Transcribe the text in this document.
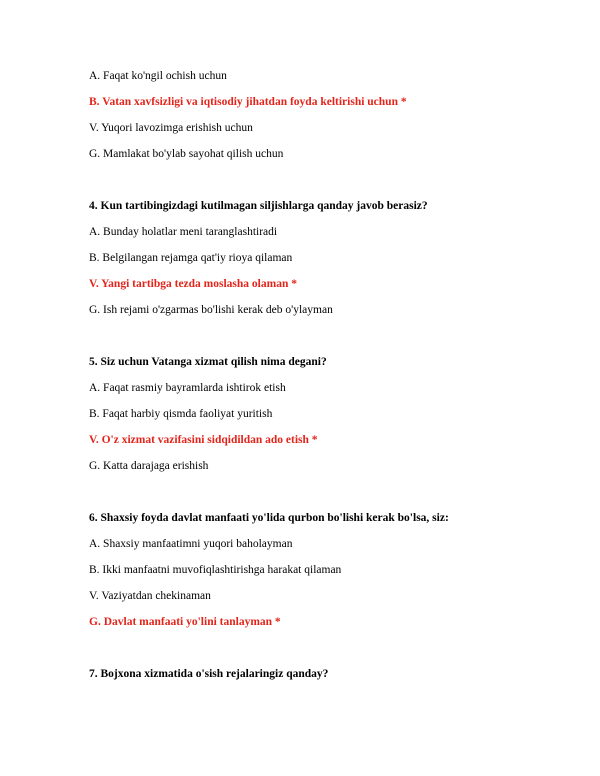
A. Faqat ko'ngil ochish uchun
B. Vatan xavfsizligi va iqtisodiy jihatdan foyda keltirishi uchun *
V. Yuqori lavozimga erishish uchun
G. Mamlakat bo'ylab sayohat qilish uchun
4. Kun tartibingizdagi kutilmagan siljishlarga qanday javob berasiz?
A. Bunday holatlar meni taranglashtiradi
B. Belgilangan rejamga qat'iy rioya qilaman
V. Yangi tartibga tezda moslasha olaman *
G. Ish rejami o'zgarmas bo'lishi kerak deb o'ylayman
5. Siz uchun Vatanga xizmat qilish nima degani?
A. Faqat rasmiy bayramlarda ishtirok etish
B. Faqat harbiy qismda faoliyat yuritish
V. O'z xizmat vazifasini sidqidildan ado etish *
G. Katta darajaga erishish
6. Shaxsiy foyda davlat manfaati yo'lida qurbon bo'lishi kerak bo'lsa, siz:
A. Shaxsiy manfaatimni yuqori baholayman
B. Ikki manfaatni muvofiqlashtirishga harakat qilaman
V. Vaziyatdan chekinaman
G. Davlat manfaati yo'lini tanlayman *
7. Bojxona xizmatida o'sish rejalaringiz qanday?
